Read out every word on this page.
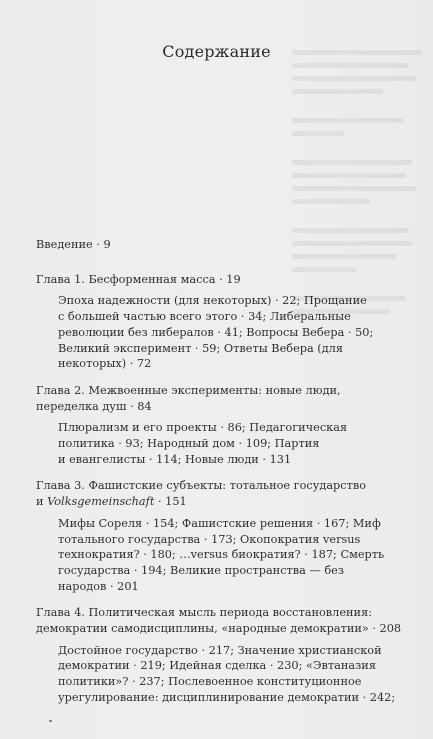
Содержание
Введение · 9
Глава 1. Бесформенная масса · 19
Эпоха надежности (для некоторых) · 22; Прощание
с большей частью всего этого · 34; Либеральные
революции без либералов · 41; Вопросы Вебера · 50;
Великий эксперимент · 59; Ответы Вебера (для
некоторых) · 72
Глава 2. Межвоенные эксперименты: новые люди,
переделка душ · 84
Плюрализм и его проекты · 86; Педагогическая
политика · 93; Народный дом · 109; Партия
и евангелисты · 114; Новые люди · 131
Глава 3. Фашистские субъекты: тотальное государство
и Volksgemeinschaft · 151
Мифы Сореля · 154; Фашистские решения · 167; Миф
тотального государства · 173; Окопократия versus
технократия? · 180; …versus биократия? · 187; Смерть
государства · 194; Великие пространства — без
народов · 201
Глава 4. Политическая мысль периода восстановления:
демократии самодисциплины, «народные демократии» · 208
Достойное государство · 217; Значение христианской
демократии · 219; Идейная сделка · 230; «Эвтаназия
политики»? · 237; Послевоенное конституционное
урегулирование: дисциплинирование демократии · 242;
